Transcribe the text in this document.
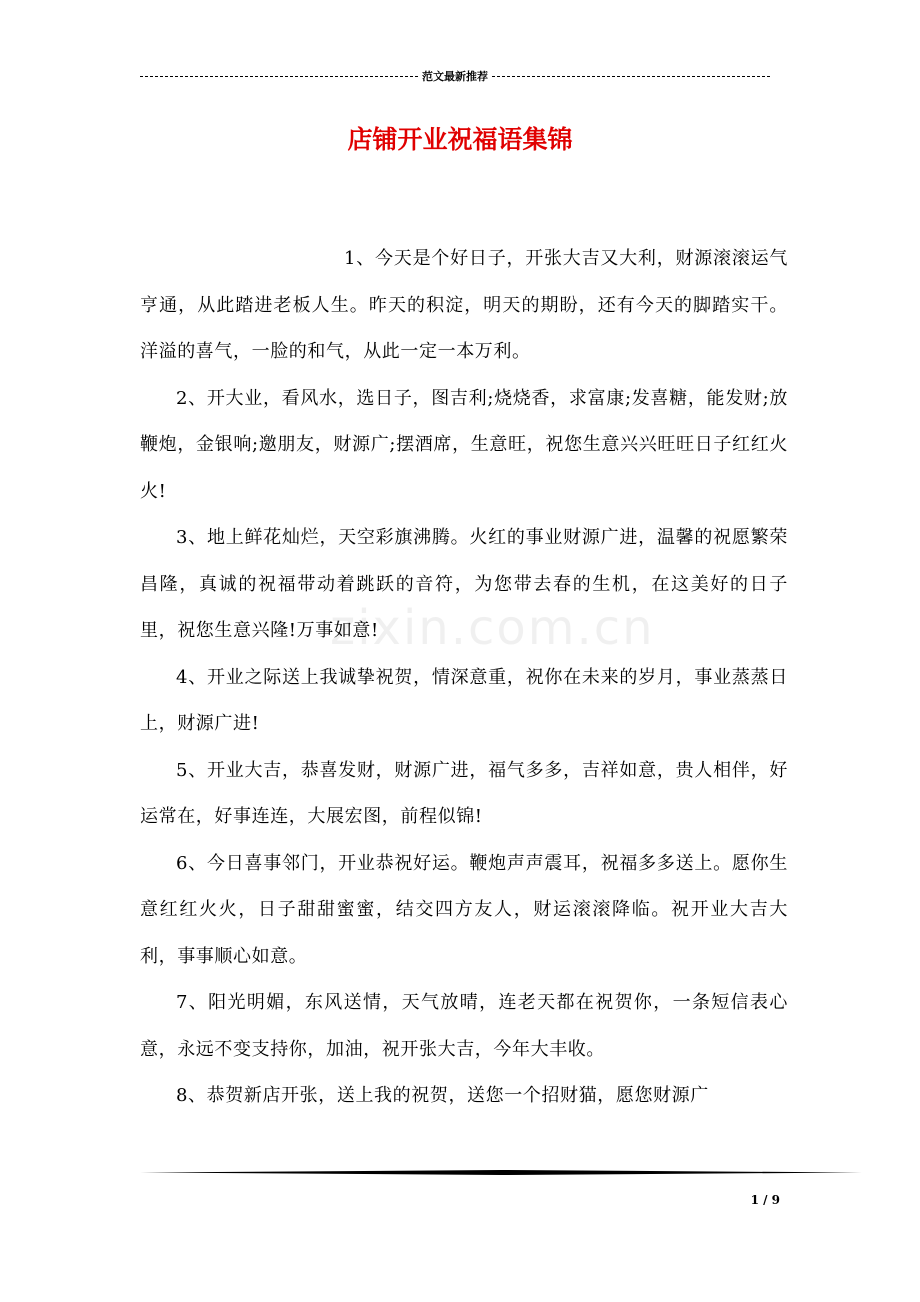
范文最新推荐
店铺开业祝福语集锦
zixin.com.cn

1、今天是个好日子，开张大吉又大利，财源滚滚运气亨通，从此踏进老板人生。昨天的积淀，明天的期盼，还有今天的脚踏实干。洋溢的喜气，一脸的和气，从此一定一本万利。

2、开大业，看风水，选日子，图吉利;烧烧香，求富康;发喜糖，能发财;放鞭炮，金银响;邀朋友，财源广;摆酒席，生意旺，祝您生意兴兴旺旺日子红红火火!

3、地上鲜花灿烂，天空彩旗沸腾。火红的事业财源广进，温馨的祝愿繁荣昌隆，真诚的祝福带动着跳跃的音符，为您带去春的生机，在这美好的日子里，祝您生意兴隆!万事如意!

4、开业之际送上我诚挚祝贺，情深意重，祝你在未来的岁月，事业蒸蒸日上，财源广进!

5、开业大吉，恭喜发财，财源广进，福气多多，吉祥如意，贵人相伴，好运常在，好事连连，大展宏图，前程似锦!

6、今日喜事邻门，开业恭祝好运。鞭炮声声震耳，祝福多多送上。愿你生意红红火火，日子甜甜蜜蜜，结交四方友人，财运滚滚降临。祝开业大吉大利，事事顺心如意。

7、阳光明媚，东风送情，天气放晴，连老天都在祝贺你，一条短信表心意，永远不变支持你，加油，祝开张大吉，今年大丰收。

8、恭贺新店开张，送上我的祝贺，送您一个招财猫，愿您财源广

1 / 9
